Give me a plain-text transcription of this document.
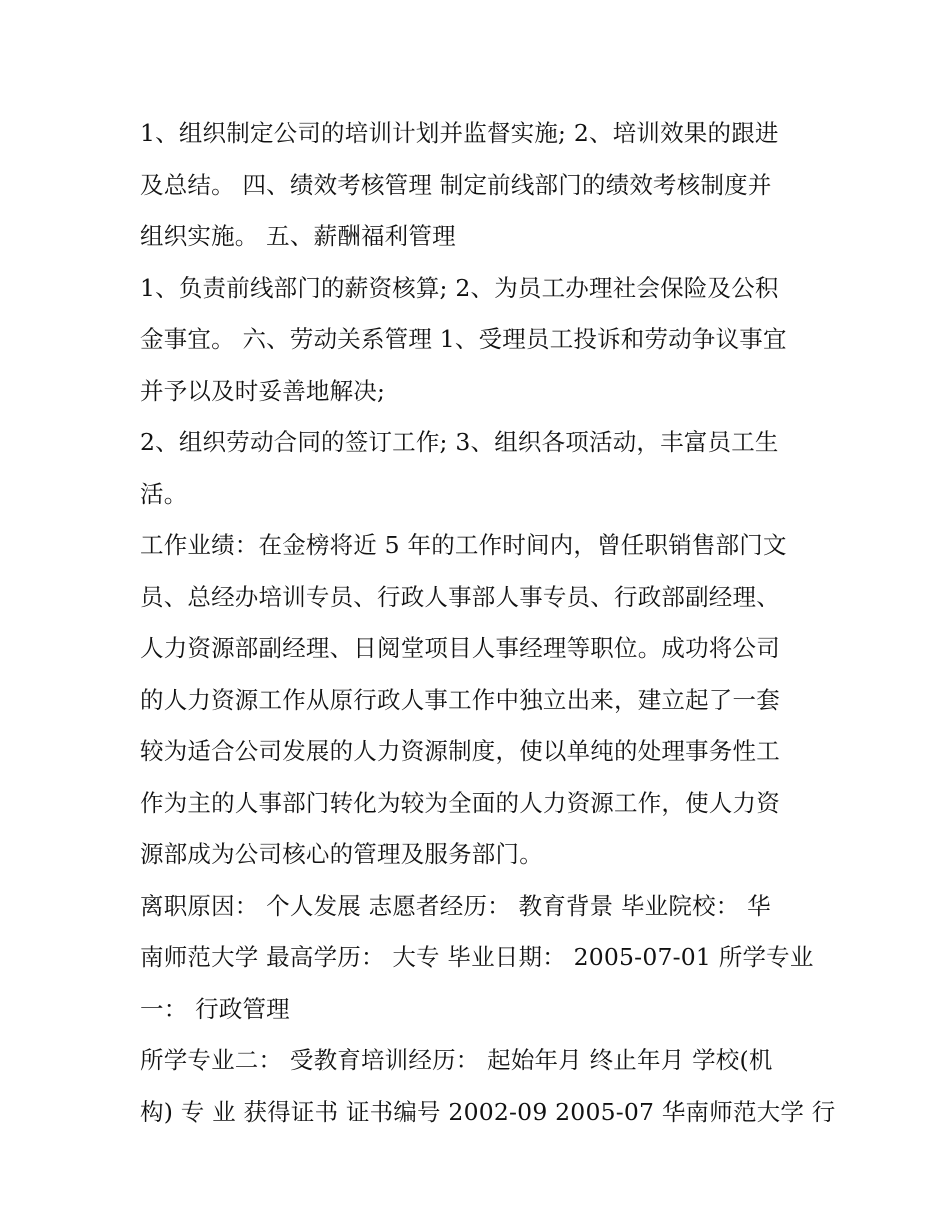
1、组织制定公司的培训计划并监督实施; 2、培训效果的跟进
及总结。 四、绩效考核管理 制定前线部门的绩效考核制度并
组织实施。 五、薪酬福利管理
1、负责前线部门的薪资核算; 2、为员工办理社会保险及公积
金事宜。 六、劳动关系管理 1、受理员工投诉和劳动争议事宜
并予以及时妥善地解决;
2、组织劳动合同的签订工作; 3、组织各项活动，丰富员工生
活。
工作业绩：在金榜将近 5 年的工作时间内，曾任职销售部门文
员、总经办培训专员、行政人事部人事专员、行政部副经理、
人力资源部副经理、日阅堂项目人事经理等职位。成功将公司
的人力资源工作从原行政人事工作中独立出来，建立起了一套
较为适合公司发展的人力资源制度，使以单纯的处理事务性工
作为主的人事部门转化为较为全面的人力资源工作，使人力资
源部成为公司核心的管理及服务部门。
离职原因： 个人发展 志愿者经历： 教育背景 毕业院校： 华
南师范大学 最高学历： 大专 毕业日期： 2005-07-01 所学专业
一： 行政管理
所学专业二： 受教育培训经历： 起始年月 终止年月 学校(机
构) 专 业 获得证书 证书编号 2002-09 2005-07 华南师范大学 行
